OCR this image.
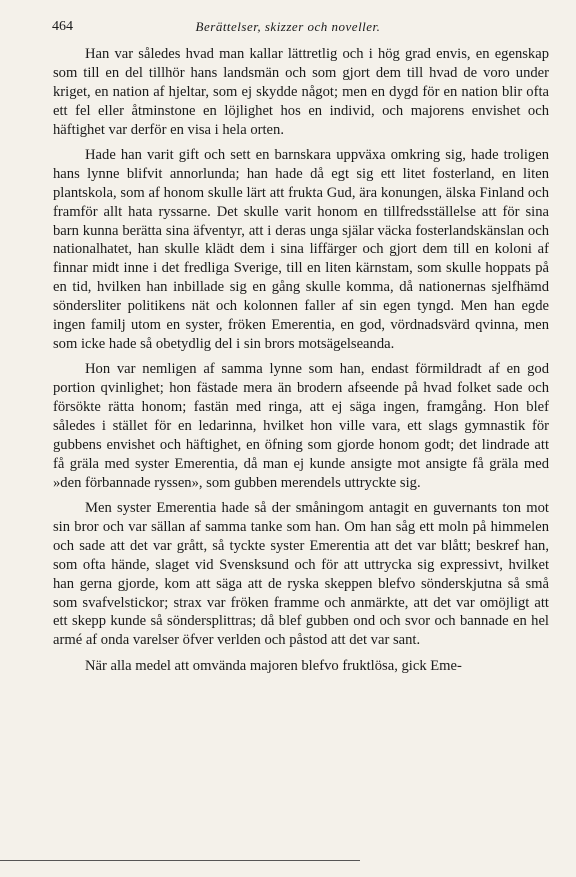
464	Berättelser, skizzer och noveller.

Han var således hvad man kallar lättretlig och i hög grad envis, en egenskap som till en del tillhör hans landsmän och som gjort dem till hvad de voro under kriget, en nation af hjeltar, som ej skydde något; men en dygd för en nation blir ofta ett fel eller åtminstone en löjlighet hos en individ, och majorens envishet och häftighet var derför en visa i hela orten.

Hade han varit gift och sett en barnskara uppväxa omkring sig, hade troligen hans lynne blifvit annorlunda; han hade då egt sig ett litet fosterland, en liten plantskola, som af honom skulle lärt att frukta Gud, ära konungen, älska Finland och framför allt hata ryssarne. Det skulle varit honom en tillfredsställelse att för sina barn kunna berätta sina äfventyr, att i deras unga själar väcka fosterlandskänslan och nationalhatet, han skulle klädt dem i sina liffärger och gjort dem till en koloni af finnar midt inne i det fredliga Sverige, till en liten kärnstam, som skulle hoppats på en tid, hvilken han inbillade sig en gång skulle komma, då nationernas sjelfhämd söndersliter politikens nät och kolonnen faller af sin egen tyngd. Men han egde ingen familj utom en syster, fröken Emerentia, en god, vördnadsvärd qvinna, men som icke hade så obetydlig del i sin brors motsägelseanda.

Hon var nemligen af samma lynne som han, endast förmildradt af en god portion qvinlighet; hon fästade mera än brodern afseende på hvad folket sade och försökte rätta honom; fastän med ringa, att ej säga ingen, framgång. Hon blef således i stället för en ledarinna, hvilket hon ville vara, ett slags gymnastik för gubbens envishet och häftighet, en öfning som gjorde honom godt; det lindrade att få gräla med syster Emerentia, då man ej kunde ansigte mot ansigte få gräla med »den förbannade ryssen», som gubben merendels uttryckte sig.

Men syster Emerentia hade så der småningom antagit en guvernants ton mot sin bror och var sällan af samma tanke som han. Om han såg ett moln på himmelen och sade att det var grått, så tyckte syster Emerentia att det var blått; beskref han, som ofta hände, slaget vid Svensksund och för att uttrycka sig expressivt, hvilket han gerna gjorde, kom att säga att de ryska skeppen blefvo sönderskjutna så små som svafvelstickor; strax var fröken framme och anmärkte, att det var omöjligt att ett skepp kunde så söndersplittras; då blef gubben ond och svor och bannade en hel armé af onda varelser öfver verlden och påstod att det var sant.

När alla medel att omvända majoren blefvo fruktlösa, gick Eme-
